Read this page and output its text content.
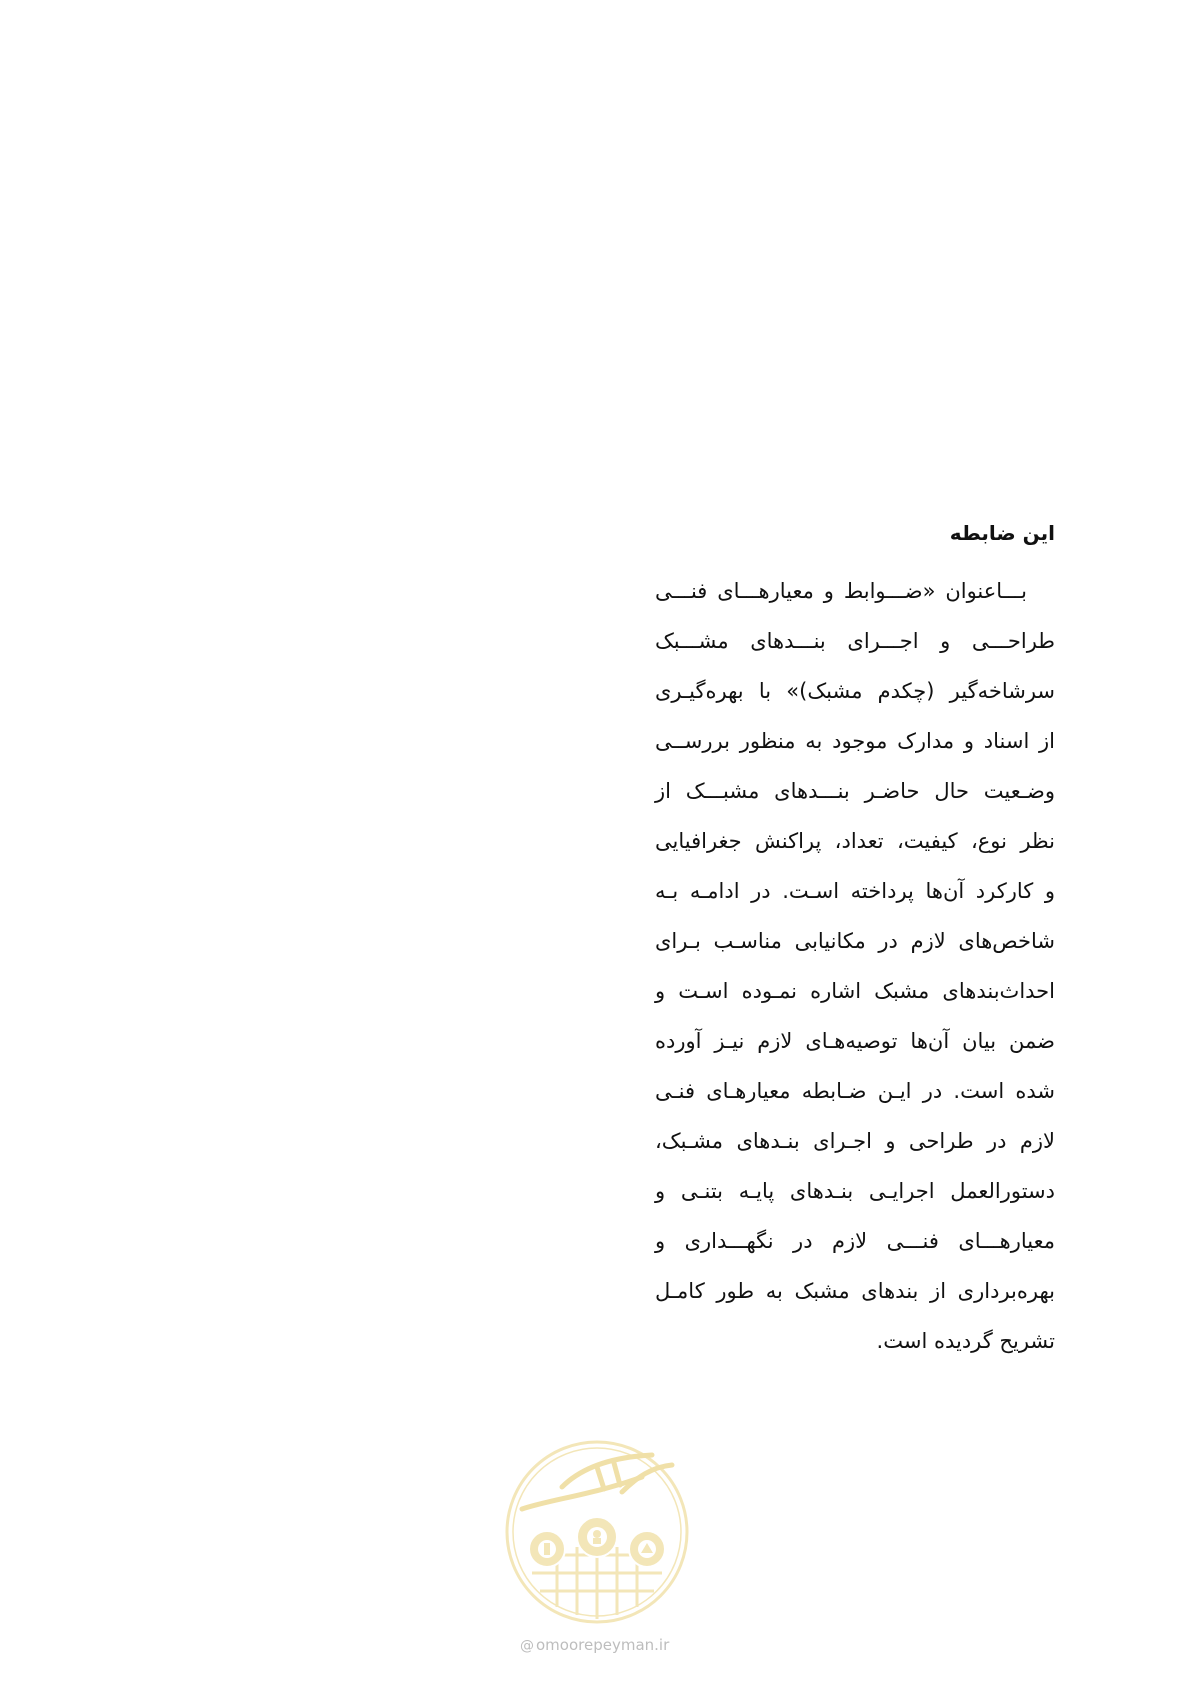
این ضابطه
بـــاعنوان «ضـــوابط و معیارهـــای فنـــی
طراحـــی و اجـــرای بنـــدهای مشـــبک
سرشاخه‌گیر (چکدم مشبک)» با بهره‌گیـری
از اسناد و مدارک موجود به منظور بررســی
وضـعیت حال حاضـر بنـــدهای مشبـــک از
نظر نوع، کیفیت، تعداد، پراکنش جغرافیایی
و کارکرد آن‌ها پرداخته اسـت. در ادامـه بـه
شاخص‌های لازم در مکانیابی مناسـب بـرای
احداث‌بندهای مشبک اشاره نمـوده اسـت و
ضمن بیان آن‌ها توصیه‌هـای لازم نیـز آورده
شده است. در ایـن ضـابطه معیارهـای فنـی
لازم در طراحی و اجـرای بنـدهای مشـبک،
دستورالعمل اجرایـی بنـدهای پایـه بتنـی و
معیارهـــای فنـــی لازم در نگهـــداری و
بهره‌برداری از بندهای مشبک به طور کامـل
تشریح گردیده است.
@ omoorepeyman.ir
